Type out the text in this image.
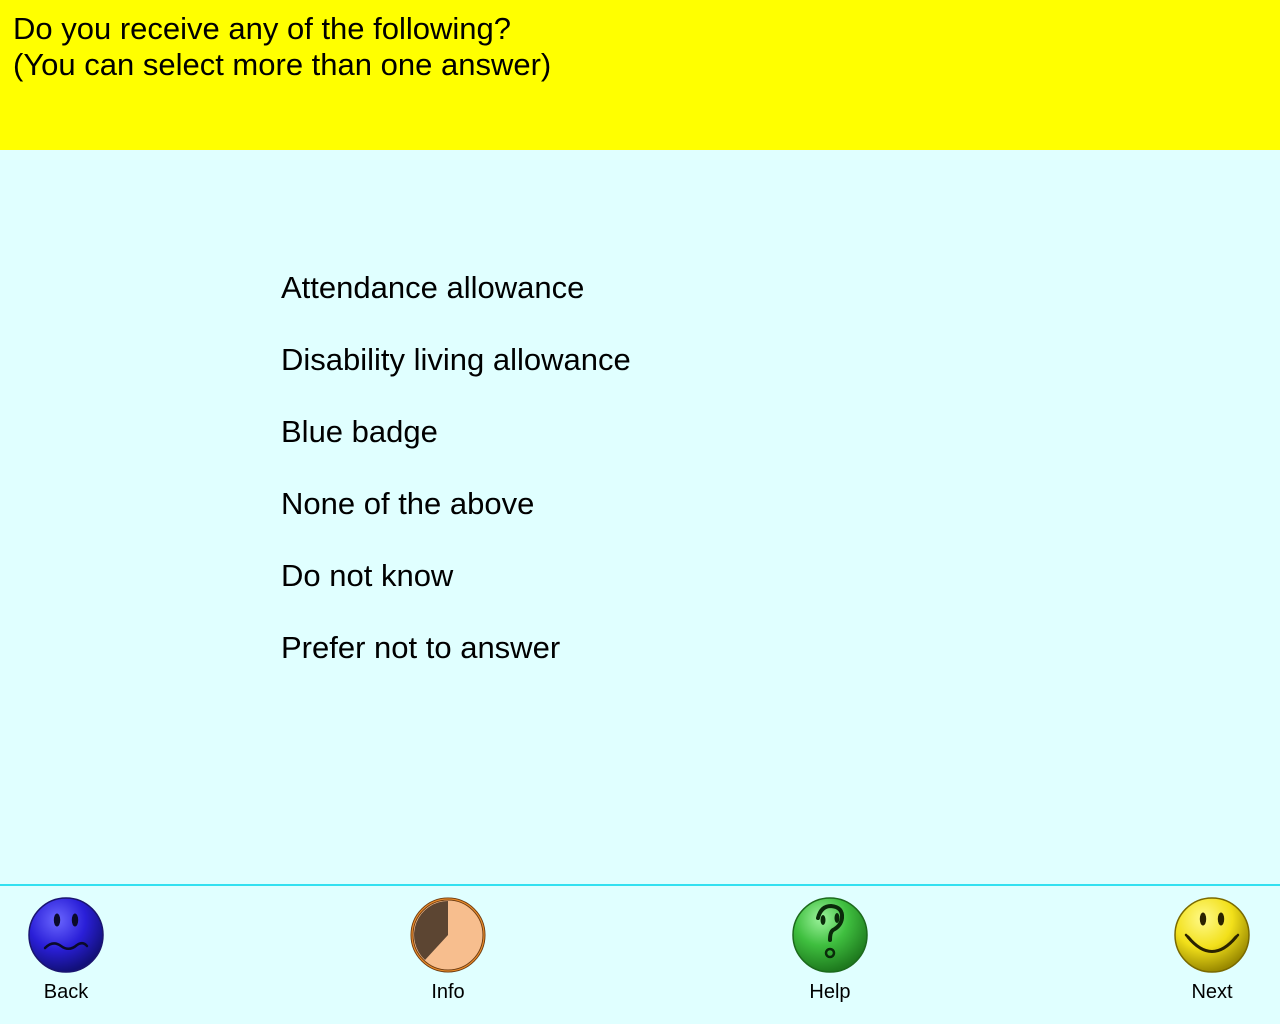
Do you receive any of the following?
(You can select more than one answer)
Attendance allowance
Disability living allowance
Blue badge
None of the above
Do not know
Prefer not to answer
Back	Info	Help	Next
